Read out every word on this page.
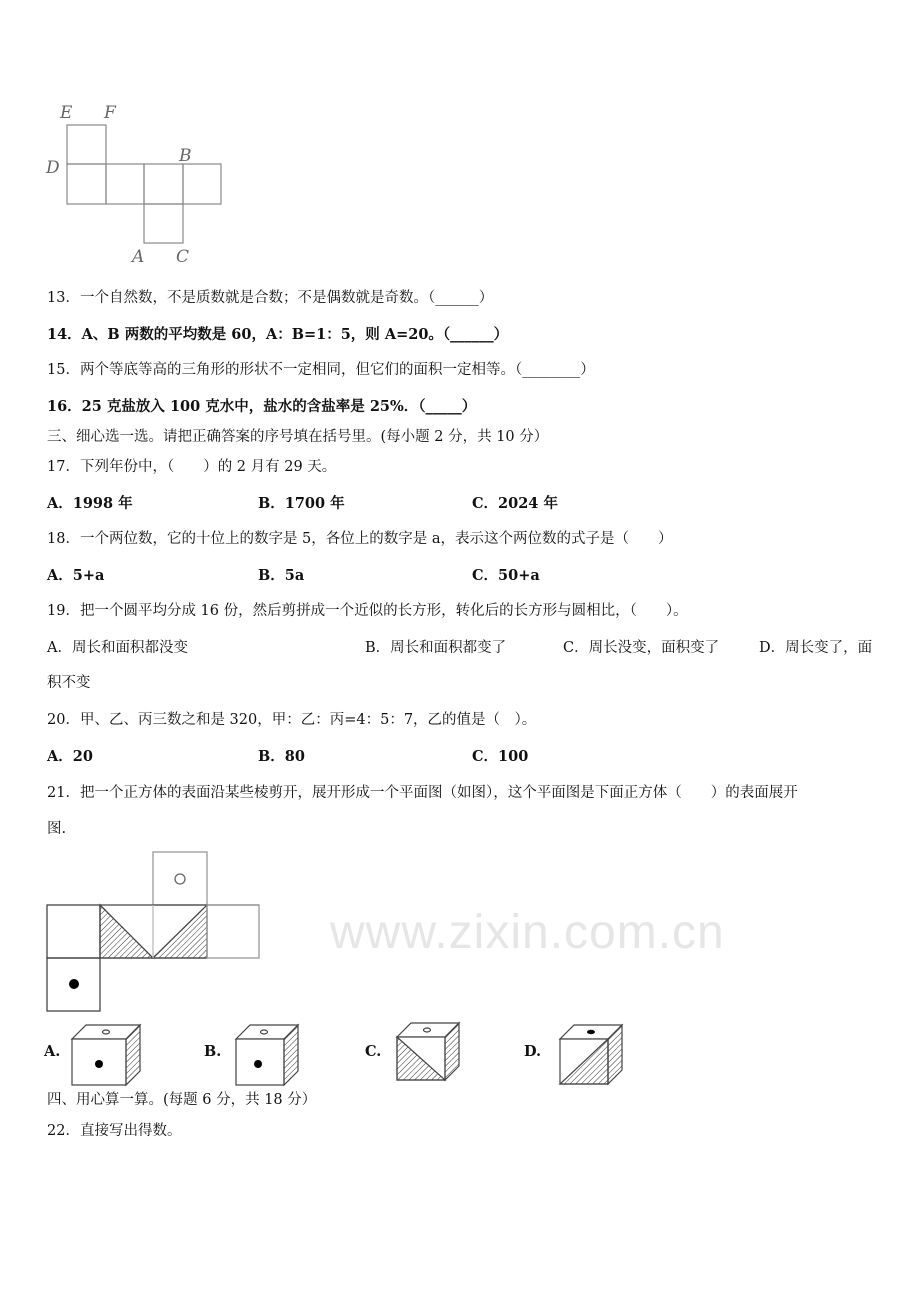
www.zixin.com.cn
E F
D
B
A C
13．一个自然数，不是质数就是合数；不是偶数就是奇数。（______）
14．A、B 两数的平均数是 60，A：B=1：5，则 A=20。（______）
15．两个等底等高的三角形的形状不一定相同，但它们的面积一定相等。（________）
16．25 克盐放入 100 克水中，盐水的含盐率是 25%．（_____）
三、细心选一选。请把正确答案的序号填在括号里。(每小题 2 分，共 10 分）
17．下列年份中，（　　）的 2 月有 29 天。
A．1998 年	B．1700 年	C．2024 年
18．一个两位数，它的十位上的数字是 5，各位上的数字是 a，表示这个两位数的式子是（　　）
A．5+a	B．5a	C．50+a
19．把一个圆平均分成 16 份，然后剪拼成一个近似的长方形，转化后的长方形与圆相比，（　　）。
A．周长和面积都没变	B．周长和面积都变了	C．周长没变，面积变了	D．周长变了，面
积不变
20．甲、乙、丙三数之和是 320，甲：乙：丙=4：5：7，乙的值是（　）。
A．20	B．80	C．100
21．把一个正方体的表面沿某些棱剪开，展开形成一个平面图（如图），这个平面图是下面正方体（　　）的表面展开
图.
A.	B.	C.	D.
四、用心算一算。(每题 6 分，共 18 分）
22．直接写出得数。
